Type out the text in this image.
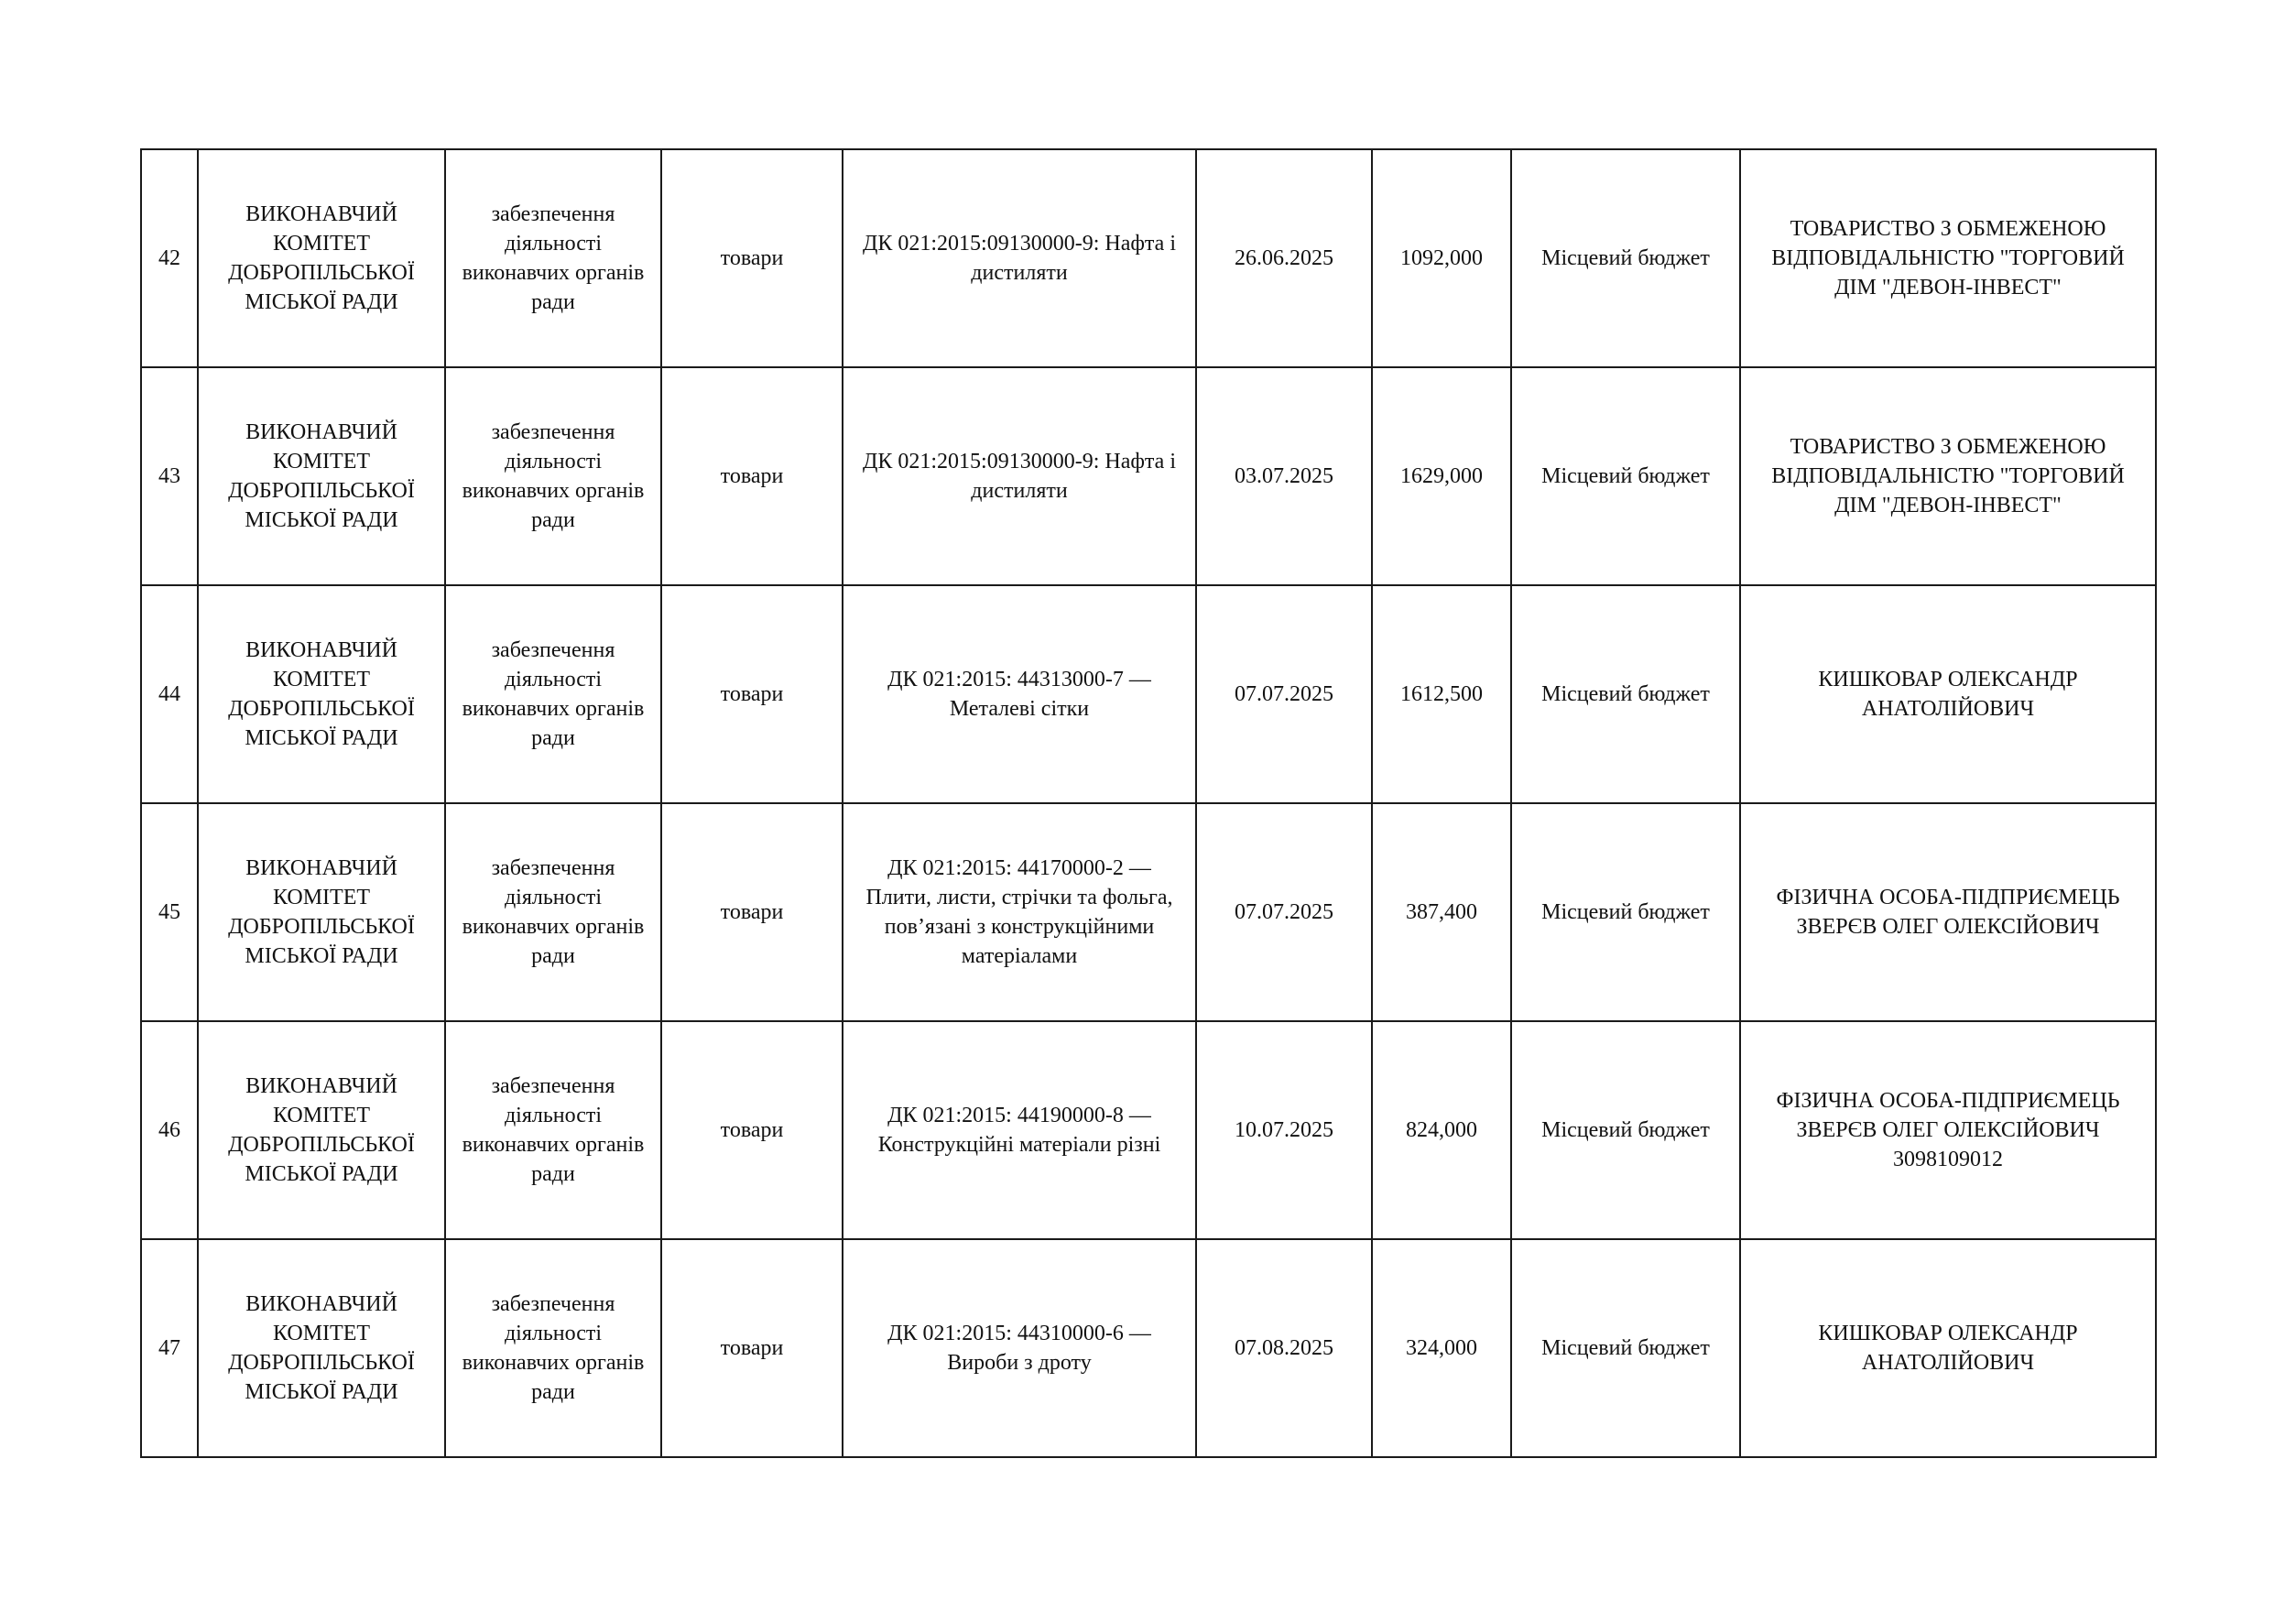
42	ВИКОНАВЧИЙ
КОМІТЕТ
ДОБРОПІЛЬСЬКОЇ
МІСЬКОЇ РАДИ	забезпечення
діяльності
виконавчих органів
ради	товари	ДК 021:2015:09130000-9: Нафта і
дистиляти	26.06.2025	1092,000	Місцевий бюджет	ТОВАРИСТВО З ОБМЕЖЕНОЮ
ВІДПОВІДАЛЬНІСТЮ "ТОРГОВИЙ
ДІМ "ДЕВОН-ІНВЕСТ"
43	ВИКОНАВЧИЙ
КОМІТЕТ
ДОБРОПІЛЬСЬКОЇ
МІСЬКОЇ РАДИ	забезпечення
діяльності
виконавчих органів
ради	товари	ДК 021:2015:09130000-9: Нафта і
дистиляти	03.07.2025	1629,000	Місцевий бюджет	ТОВАРИСТВО З ОБМЕЖЕНОЮ
ВІДПОВІДАЛЬНІСТЮ "ТОРГОВИЙ
ДІМ "ДЕВОН-ІНВЕСТ"
44	ВИКОНАВЧИЙ
КОМІТЕТ
ДОБРОПІЛЬСЬКОЇ
МІСЬКОЇ РАДИ	забезпечення
діяльності
виконавчих органів
ради	товари	ДК 021:2015: 44313000-7 —
Металеві сітки	07.07.2025	1612,500	Місцевий бюджет	КИШКОВАР ОЛЕКСАНДР
АНАТОЛІЙОВИЧ
45	ВИКОНАВЧИЙ
КОМІТЕТ
ДОБРОПІЛЬСЬКОЇ
МІСЬКОЇ РАДИ	забезпечення
діяльності
виконавчих органів
ради	товари	ДК 021:2015: 44170000-2 —
Плити, листи, стрічки та фольга,
пов’язані з конструкційними
матеріалами	07.07.2025	387,400	Місцевий бюджет	ФІЗИЧНА ОСОБА-ПІДПРИЄМЕЦЬ
ЗВЕРЄВ ОЛЕГ ОЛЕКСІЙОВИЧ
46	ВИКОНАВЧИЙ
КОМІТЕТ
ДОБРОПІЛЬСЬКОЇ
МІСЬКОЇ РАДИ	забезпечення
діяльності
виконавчих органів
ради	товари	ДК 021:2015: 44190000-8 —
Конструкційні матеріали різні	10.07.2025	824,000	Місцевий бюджет	ФІЗИЧНА ОСОБА-ПІДПРИЄМЕЦЬ
ЗВЕРЄВ ОЛЕГ ОЛЕКСІЙОВИЧ
3098109012
47	ВИКОНАВЧИЙ
КОМІТЕТ
ДОБРОПІЛЬСЬКОЇ
МІСЬКОЇ РАДИ	забезпечення
діяльності
виконавчих органів
ради	товари	ДК 021:2015: 44310000-6 —
Вироби з дроту	07.08.2025	324,000	Місцевий бюджет	КИШКОВАР ОЛЕКСАНДР
АНАТОЛІЙОВИЧ
